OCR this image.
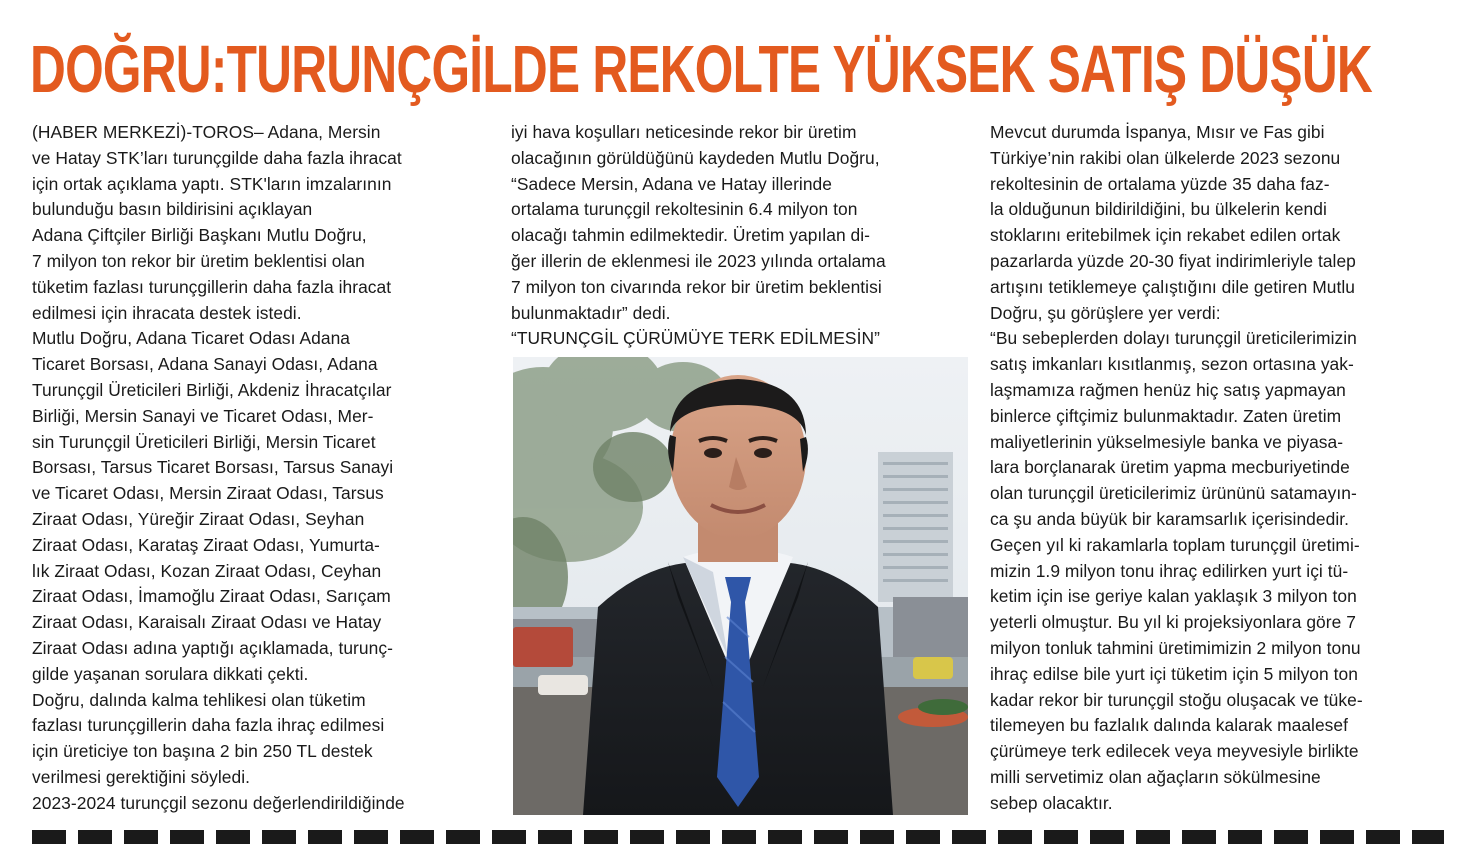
DOĞRU:TURUNÇGİLDE REKOLTE YÜKSEK SATIŞ DÜŞÜK

(HABER MERKEZİ)-TOROS– Adana, Mersin
ve Hatay STK’ları turunçgilde daha fazla ihracat
için ortak açıklama yaptı. STK'ların imzalarının
bulunduğu basın bildirisini açıklayan
Adana Çiftçiler Birliği Başkanı Mutlu Doğru,
7 milyon ton rekor bir üretim beklentisi olan
tüketim fazlası turunçgillerin daha fazla ihracat
edilmesi için ihracata destek istedi.

Mutlu Doğru, Adana Ticaret Odası Adana
Ticaret Borsası, Adana Sanayi Odası, Adana
Turunçgil Üreticileri Birliği, Akdeniz İhracatçılar
Birliği, Mersin Sanayi ve Ticaret Odası, Mer-
sin Turunçgil Üreticileri Birliği, Mersin Ticaret
Borsası, Tarsus Ticaret Borsası, Tarsus Sanayi
ve Ticaret Odası, Mersin Ziraat Odası, Tarsus
Ziraat Odası, Yüreğir Ziraat Odası, Seyhan
Ziraat Odası, Karataş Ziraat Odası, Yumurta-
lık Ziraat Odası, Kozan Ziraat Odası, Ceyhan
Ziraat Odası, İmamoğlu Ziraat Odası, Sarıçam
Ziraat Odası, Karaisalı Ziraat Odası ve Hatay
Ziraat Odası adına yaptığı açıklamada, turunç-
gilde yaşanan sorulara dikkati çekti.

Doğru, dalında kalma tehlikesi olan tüketim
fazlası turunçgillerin daha fazla ihraç edilmesi
için üreticiye ton başına 2 bin 250 TL destek
verilmesi gerektiğini söyledi.

2023-2024 turunçgil sezonu değerlendirildiğinde

iyi hava koşulları neticesinde rekor bir üretim
olacağının görüldüğünü kaydeden Mutlu Doğru,
“Sadece Mersin, Adana ve Hatay illerinde
ortalama turunçgil rekoltesinin 6.4 milyon ton
olacağı tahmin edilmektedir. Üretim yapılan di-
ğer illerin de eklenmesi ile 2023 yılında ortalama
7 milyon ton civarında rekor bir üretim beklentisi
bulunmaktadır” dedi.

“TURUNÇGİL ÇÜRÜMÜYE TERK EDİLMESİN”

Mevcut durumda İspanya, Mısır ve Fas gibi
Türkiye’nin rakibi olan ülkelerde 2023 sezonu
rekoltesinin de ortalama yüzde 35 daha faz-
la olduğunun bildirildiğini, bu ülkelerin kendi
stoklarını eritebilmek için rekabet edilen ortak
pazarlarda yüzde 20-30 fiyat indirimleriyle talep
artışını tetiklemeye çalıştığını dile getiren Mutlu
Doğru, şu görüşlere yer verdi:

“Bu sebeplerden dolayı turunçgil üreticilerimizin
satış imkanları kısıtlanmış, sezon ortasına yak-
laşmamıza rağmen henüz hiç satış yapmayan
binlerce çiftçimiz bulunmaktadır. Zaten üretim
maliyetlerinin yükselmesiyle banka ve piyasa-
lara borçlanarak üretim yapma mecburiyetinde
olan turunçgil üreticilerimiz ürününü satamayın-
ca şu anda büyük bir karamsarlık içerisindedir.
Geçen yıl ki rakamlarla toplam turunçgil üretimi-
mizin 1.9 milyon tonu ihraç edilirken yurt içi tü-
ketim için ise geriye kalan yaklaşık 3 milyon ton
yeterli olmuştur. Bu yıl ki projeksiyonlara göre 7
milyon tonluk tahmini üretimimizin 2 milyon tonu
ihraç edilse bile yurt içi tüketim için 5 milyon ton
kadar rekor bir turunçgil stoğu oluşacak ve tüke-
tilemeyen bu fazlalık dalında kalarak maalesef
çürümeye terk edilecek veya meyvesiyle birlikte
milli servetimiz olan ağaçların sökülmesine
sebep olacaktır.
